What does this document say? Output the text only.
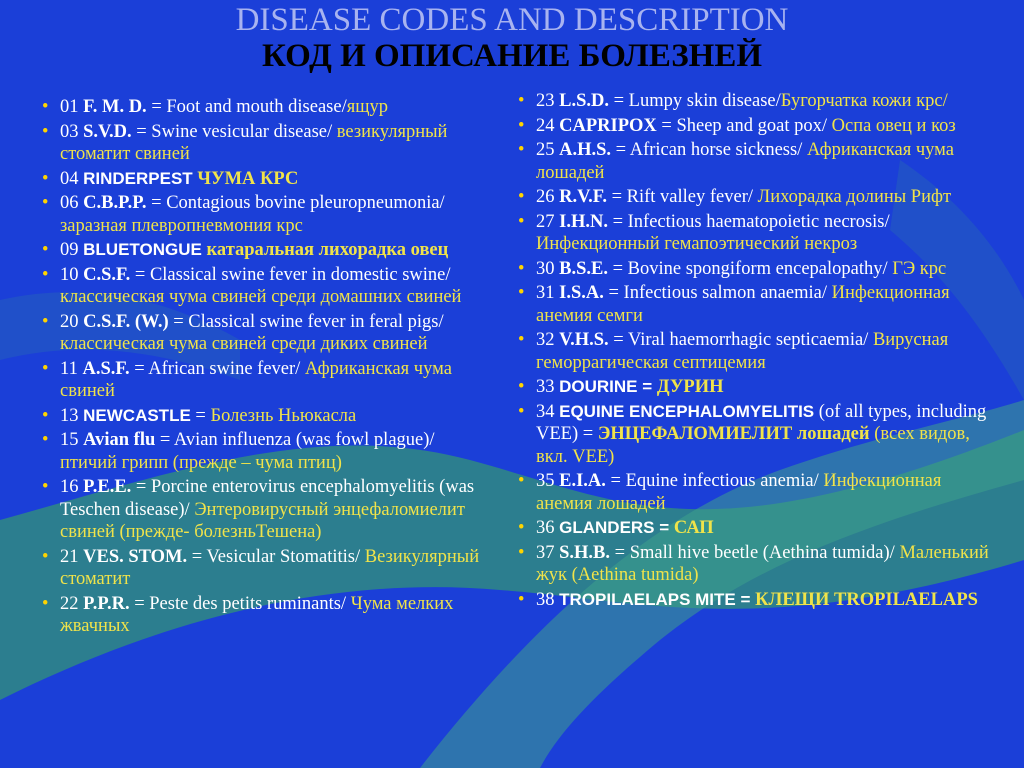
DISEASE CODES AND DESCRIPTION
КОД И ОПИСАНИЕ БОЛЕЗНЕЙ
• 01 F. M. D. = Foot and mouth disease/ящур
• 03 S.V.D. = Swine vesicular disease/ везикулярный стоматит свиней
• 04 RINDERPEST ЧУМА КРС
• 06 C.B.P.P. = Contagious bovine pleuropneumonia/ заразная плевропневмония крс
• 09 BLUETONGUE катаральная лихорадка овец
• 10 C.S.F. = Classical swine fever in domestic swine/ классическая чума свиней среди домашних свиней
• 20 C.S.F. (W.) = Classical swine fever in feral pigs/ классическая чума свиней среди диких свиней
• 11 A.S.F. = African swine fever/ Африканская чума свиней
• 13 NEWCASTLE = Болезнь Ньюкасла
• 15 Avian flu = Avian influenza (was fowl plague)/ птичий грипп (прежде – чума птиц)
• 16 P.E.E. = Porcine enterovirus encephalomyelitis (was Teschen disease)/ Энтеровирусный энцефаломиелит свиней (прежде- болезньТешена)
• 21 VES. STOM. = Vesicular Stomatitis/ Везикулярный стоматит
• 22 P.P.R. = Peste des petits ruminants/ Чума мелких жвачных
• 23 L.S.D. = Lumpy skin disease/Бугорчатка кожи крс/
• 24 CAPRIPOX = Sheep and goat pox/ Оспа овец и коз
• 25 A.H.S. = African horse sickness/ Африканская чума лошадей
• 26 R.V.F. = Rift valley fever/ Лихорадка долины Рифт
• 27 I.H.N. = Infectious haematopoietic necrosis/ Инфекционный гемапоэтический некроз
• 30 B.S.E. = Bovine spongiform encepalopathy/ ГЭ крс
• 31 I.S.A. = Infectious salmon anaemia/ Инфекционная анемия семги
• 32 V.H.S. = Viral haemorrhagic septicaemia/ Вирусная геморрагическая септицемия
• 33 DOURINE = ДУРИН
• 34 EQUINE ENCEPHALOMYELITIS (of all types, including VEE) = ЭНЦЕФАЛОМИЕЛИТ лошадей (всех видов, вкл. VEE)
• 35 E.I.A. = Equine infectious anemia/ Инфекционная анемия лошадей
• 36 GLANDERS = САП
• 37 S.H.B. = Small hive beetle (Aethina tumida)/ Маленький жук (Aethina tumida)
• 38 TROPILAELAPS MITE = КЛЕЩИ TROPILAELAPS
